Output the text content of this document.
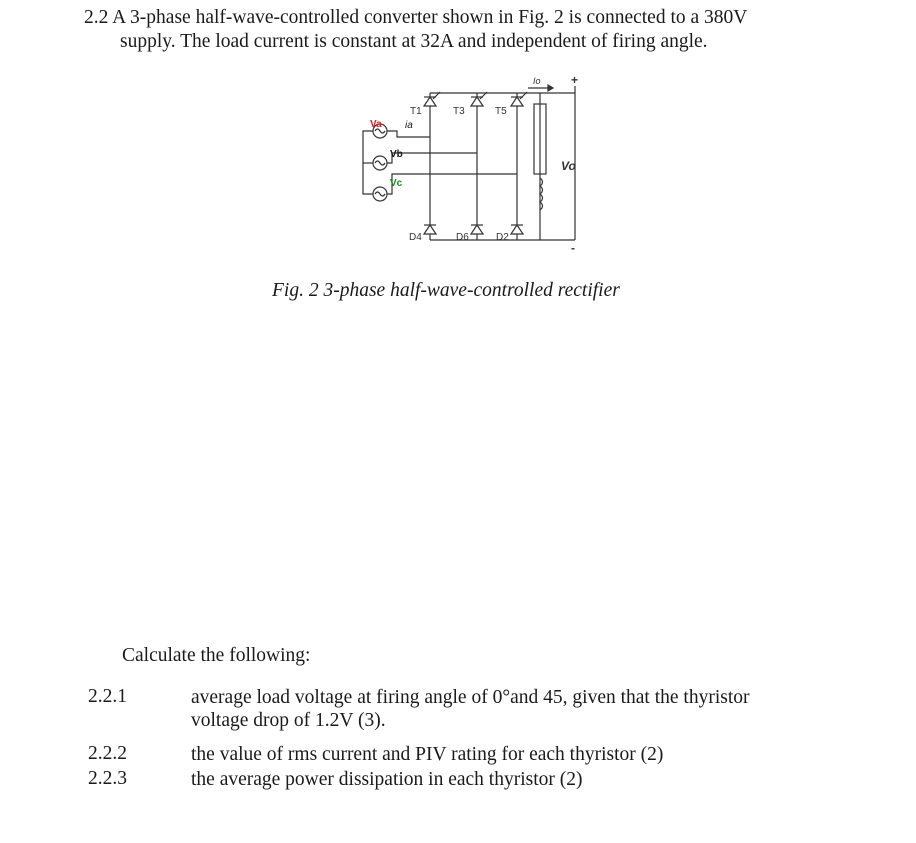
2.2 A 3-phase half-wave-controlled converter shown in Fig. 2 is connected to a 380V
supply. The load current is constant at 32A and independent of firing angle.
Va ia
Vb
Vc
T1	T3	T5
D4	D6	D2
Io	+
Vo
-
Fig. 2 3-phase half-wave-controlled rectifier
Calculate the following:
2.2.1	average load voltage at firing angle of 0°and 45, given that the thyristor
voltage drop of 1.2V (3).
2.2.2	the value of rms current and PIV rating for each thyristor (2)
2.2.3	the average power dissipation in each thyristor (2)
